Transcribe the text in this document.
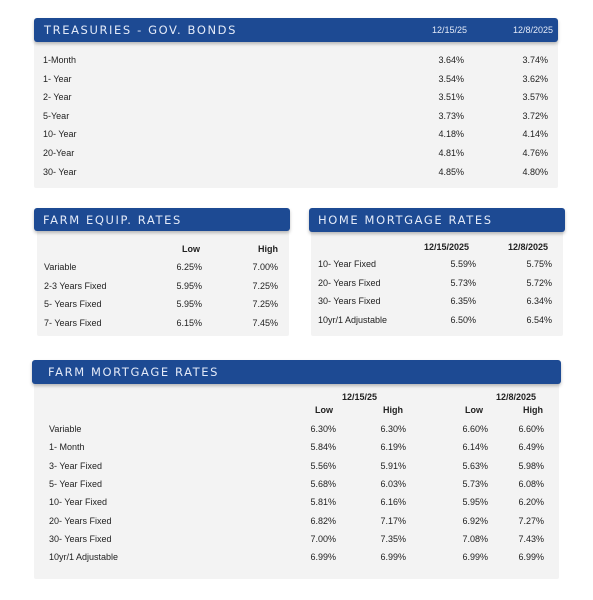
TREASURIES - GOV. BONDS	12/15/25	12/8/2025
1-Month	3.64%	3.74%
1- Year	3.54%	3.62%
2- Year	3.51%	3.57%
5-Year	3.73%	3.72%
10- Year	4.18%	4.14%
20-Year	4.81%	4.76%
30- Year	4.85%	4.80%
FARM EQUIP. RATES
Low	High
Variable	6.25%	7.00%
2-3 Years Fixed	5.95%	7.25%
5- Years Fixed	5.95%	7.25%
7- Years Fixed	6.15%	7.45%
HOME MORTGAGE RATES
12/15/2025	12/8/2025
10- Year Fixed	5.59%	5.75%
20- Years Fixed	5.73%	5.72%
30- Years Fixed	6.35%	6.34%
10yr/1 Adjustable	6.50%	6.54%
FARM MORTGAGE RATES
12/15/25	12/8/2025
Low	High	Low	High
Variable	6.30%	6.30%	6.60%	6.60%
1- Month	5.84%	6.19%	6.14%	6.49%
3- Year Fixed	5.56%	5.91%	5.63%	5.98%
5- Year Fixed	5.68%	6.03%	5.73%	6.08%
10- Year Fixed	5.81%	6.16%	5.95%	6.20%
20- Years Fixed	6.82%	7.17%	6.92%	7.27%
30- Years Fixed	7.00%	7.35%	7.08%	7.43%
10yr/1 Adjustable	6.99%	6.99%	6.99%	6.99%
